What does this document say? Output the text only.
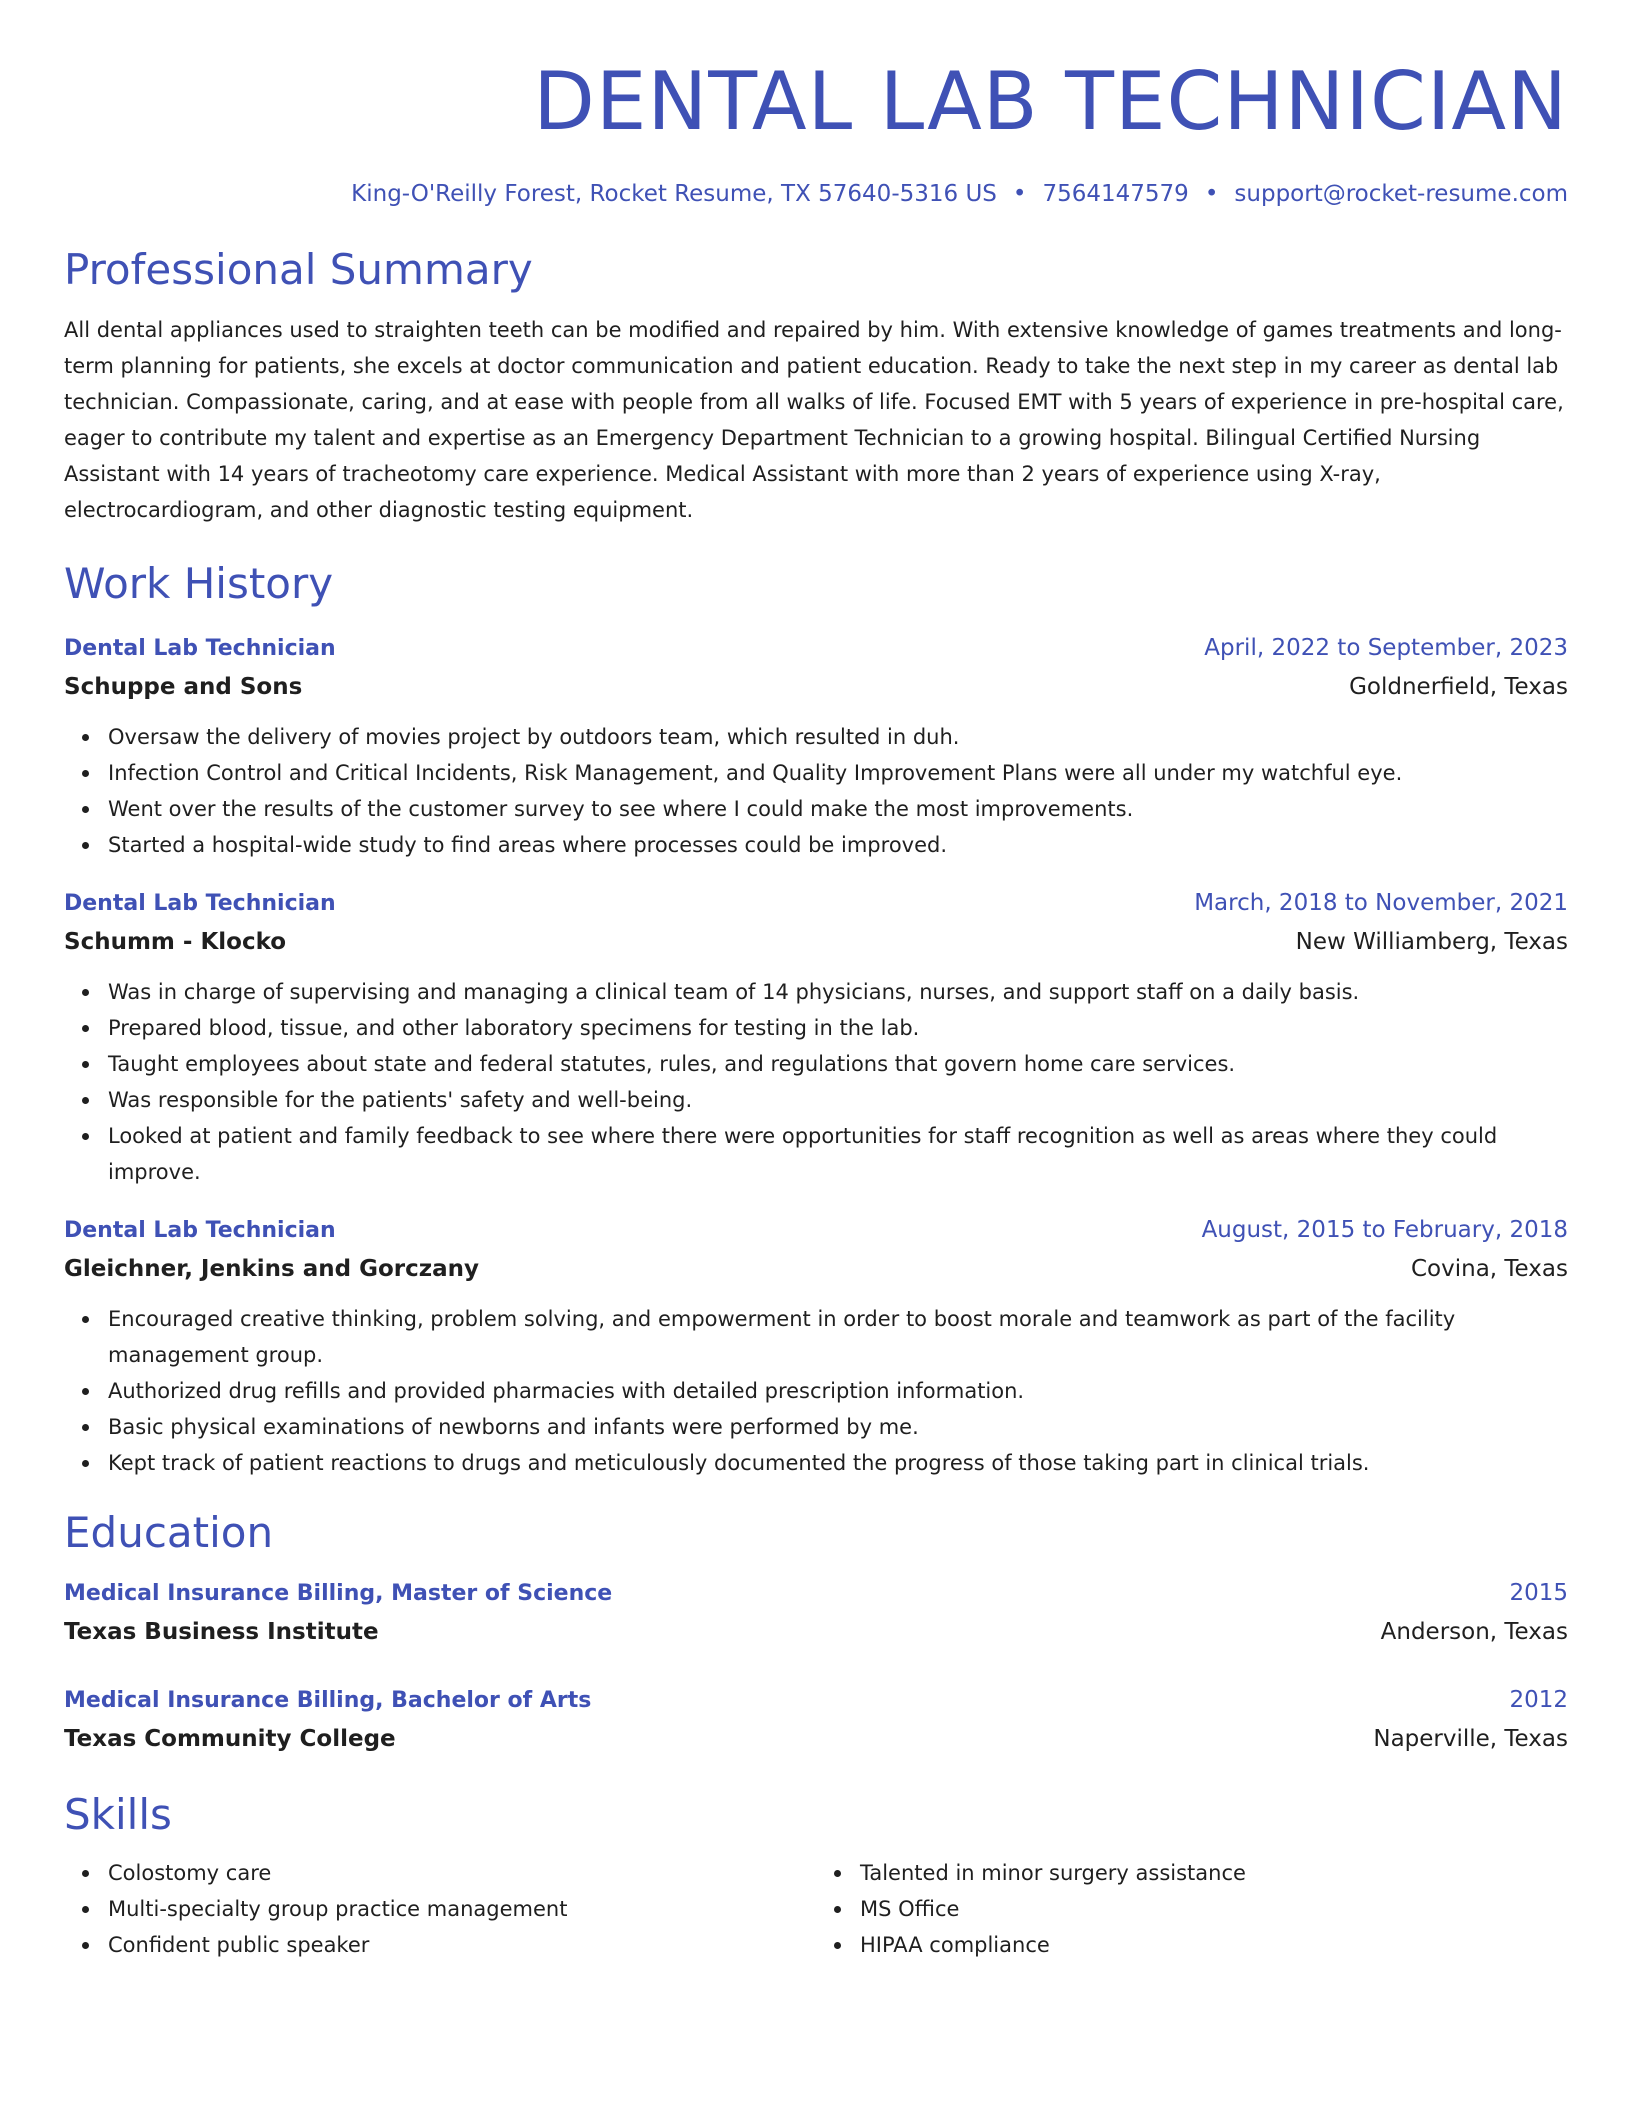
DENTAL LAB TECHNICIAN
King-O'Reilly Forest, Rocket Resume, TX 57640-5316 US • 7564147579 • support@rocket-resume.com
Professional Summary
All dental appliances used to straighten teeth can be modified and repaired by him. With extensive knowledge of games treatments and long-term planning for patients, she excels at doctor communication and patient education. Ready to take the next step in my career as dental lab technician. Compassionate, caring, and at ease with people from all walks of life. Focused EMT with 5 years of experience in pre-hospital care, eager to contribute my talent and expertise as an Emergency Department Technician to a growing hospital. Bilingual Certified Nursing Assistant with 14 years of tracheotomy care experience. Medical Assistant with more than 2 years of experience using X-ray, electrocardiogram, and other diagnostic testing equipment.
Work History
Dental Lab Technician	April, 2022 to September, 2023
Schuppe and Sons	Goldnerfield, Texas
Oversaw the delivery of movies project by outdoors team, which resulted in duh.
Infection Control and Critical Incidents, Risk Management, and Quality Improvement Plans were all under my watchful eye.
Went over the results of the customer survey to see where I could make the most improvements.
Started a hospital-wide study to find areas where processes could be improved.
Dental Lab Technician	March, 2018 to November, 2021
Schumm - Klocko	New Williamberg, Texas
Was in charge of supervising and managing a clinical team of 14 physicians, nurses, and support staff on a daily basis.
Prepared blood, tissue, and other laboratory specimens for testing in the lab.
Taught employees about state and federal statutes, rules, and regulations that govern home care services.
Was responsible for the patients' safety and well-being.
Looked at patient and family feedback to see where there were opportunities for staff recognition as well as areas where they could improve.
Dental Lab Technician	August, 2015 to February, 2018
Gleichner, Jenkins and Gorczany	Covina, Texas
Encouraged creative thinking, problem solving, and empowerment in order to boost morale and teamwork as part of the facility management group.
Authorized drug refills and provided pharmacies with detailed prescription information.
Basic physical examinations of newborns and infants were performed by me.
Kept track of patient reactions to drugs and meticulously documented the progress of those taking part in clinical trials.
Education
Medical Insurance Billing, Master of Science	2015
Texas Business Institute	Anderson, Texas
Medical Insurance Billing, Bachelor of Arts	2012
Texas Community College	Naperville, Texas
Skills
Colostomy care
Multi-specialty group practice management
Confident public speaker
Talented in minor surgery assistance
MS Office
HIPAA compliance
